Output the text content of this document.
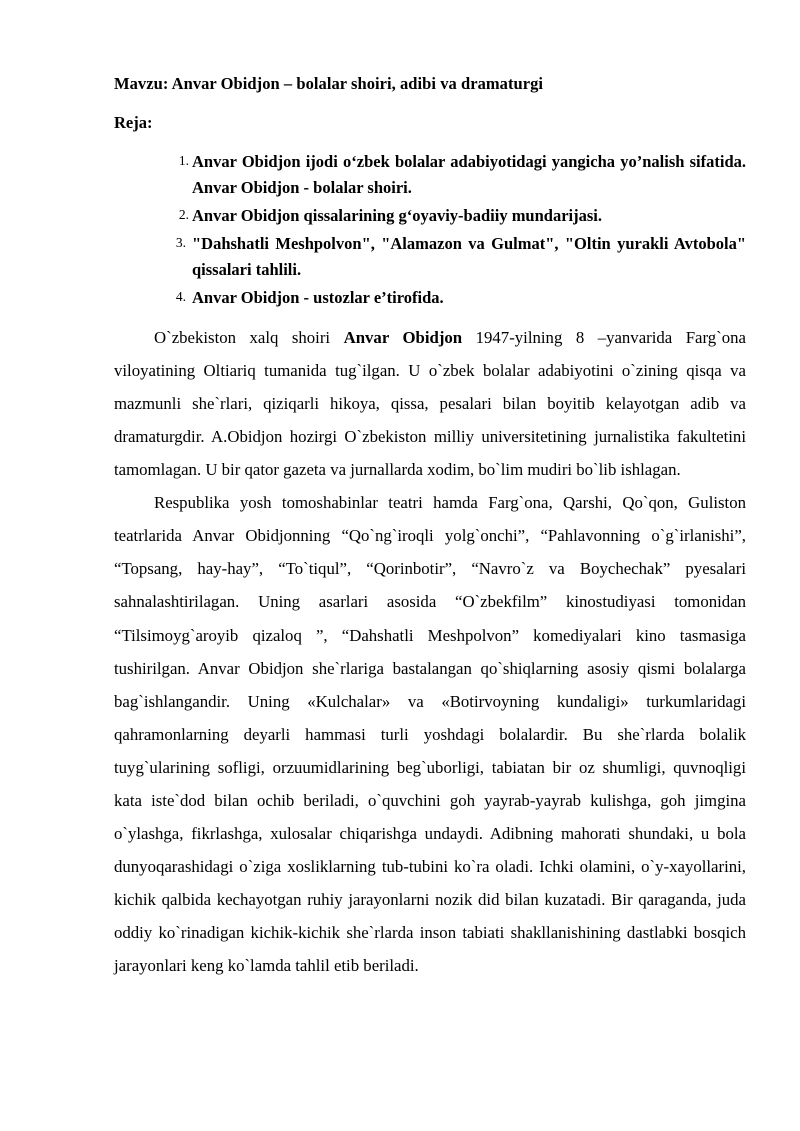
Mavzu: Anvar Obidjon – bolalar shoiri, adibi va dramaturgi

Reja:

1. Anvar Obidjon ijodi o‘zbek bolalar adabiyotidagi yangicha yo’nalish sifatida. Anvar Obidjon - bolalar shoiri.
2. Anvar Obidjon qissalarining g‘oyaviy-badiiy mundarijasi.
3. "Dahshatli Meshpolvon", "Alamazon va Gulmat", "Oltin yurakli Avtobola" qissalari tahlili.
4. Anvar Obidjon - ustozlar e’tirofida.

O`zbekiston xalq shoiri Anvar Obidjon 1947-yilning 8 –yanvarida Farg`ona viloyatining Oltiariq tumanida tug`ilgan. U o`zbek bolalar adabiyotini o`zining qisqa va mazmunli she`rlari, qiziqarli hikoya, qissa, pesalari bilan boyitib kelayotgan adib va dramaturgdir. A.Obidjon hozirgi O`zbekiston milliy universitetining jurnalistika fakultetini tamomlagan. U bir qator gazeta va jurnallarda xodim, bo`lim mudiri bo`lib ishlagan.

Respublika yosh tomoshabinlar teatri hamda Farg`ona, Qarshi, Qo`qon, Guliston teatrlarida Anvar Obidjonning “Qo`ng`iroqli yolg`onchi”, “Pahlavonning o`g`irlanishi”, “Topsang, hay-hay”, “To`tiqul”, “Qorinbotir”, “Navro`z va Boychechak” pyesalari sahnalashtirilagan. Uning asarlari asosida “O`zbekfilm” kinostudiyasi tomonidan “Tilsimoyg`aroyib qizaloq ”, “Dahshatli Meshpolvon” komediyalari kino tasmasiga tushirilgan. Anvar Obidjon she`rlariga bastalangan qo`shiqlarning asosiy qismi bolalarga bag`ishlangandir. Uning «Kulchalar» va «Botirvoyning kundaligi» turkumlaridagi qahramonlarning deyarli hammasi turli yoshdagi bolalardir. Bu she`rlarda bolalik tuyg`ularining sofligi, orzuumidlarining beg`uborligi, tabiatan bir oz shumligi, quvnoqligi kata iste`dod bilan ochib beriladi, o`quvchini goh yayrab-yayrab kulishga, goh jimgina o`ylashga, fikrlashga, xulosalar chiqarishga undaydi. Adibning mahorati shundaki, u bola dunyoqarashidagi o`ziga xosliklarning tub-tubini ko`ra oladi. Ichki olamini, o`y-xayollarini, kichik qalbida kechayotgan ruhiy jarayonlarni nozik did bilan kuzatadi. Bir qaraganda, juda oddiy ko`rinadigan kichik-kichik she`rlarda inson tabiati shakllanishining dastlabki bosqich jarayonlari keng ko`lamda tahlil etib beriladi.
